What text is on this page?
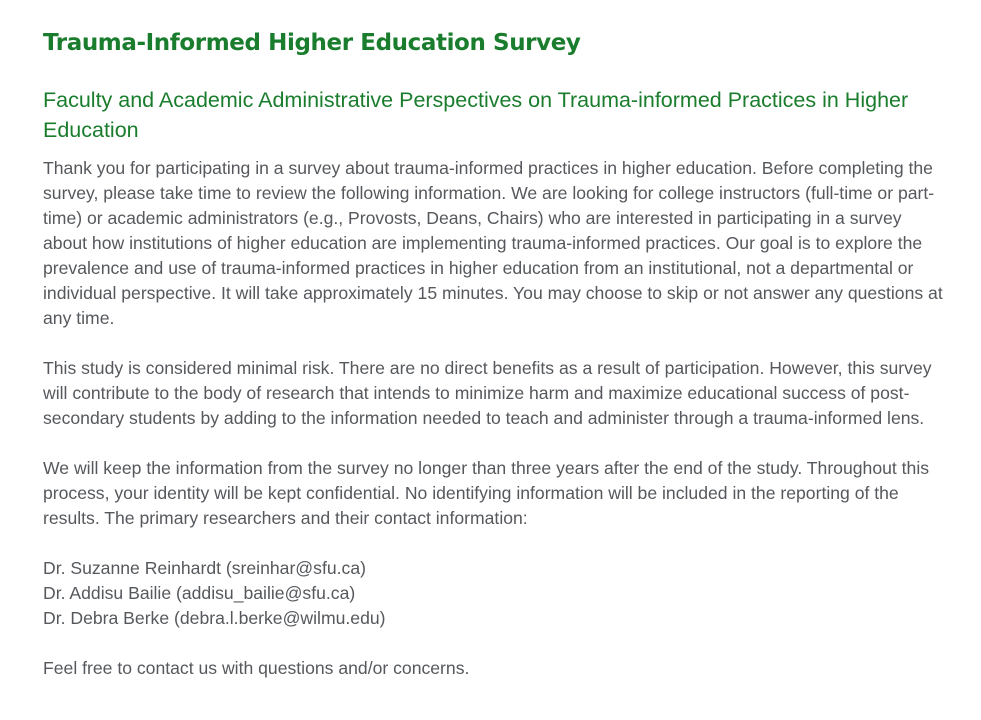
Trauma-Informed Higher Education Survey
Faculty and Academic Administrative Perspectives on Trauma-informed Practices in Higher Education

Thank you for participating in a survey about trauma-informed practices in higher education. Before completing the survey, please take time to review the following information. We are looking for college instructors (full-time or part-time) or academic administrators (e.g., Provosts, Deans, Chairs) who are interested in participating in a survey about how institutions of higher education are implementing trauma-informed practices. Our goal is to explore the prevalence and use of trauma-informed practices in higher education from an institutional, not a departmental or individual perspective. It will take approximately 15 minutes. You may choose to skip or not answer any questions at any time.

This study is considered minimal risk. There are no direct benefits as a result of participation. However, this survey will contribute to the body of research that intends to minimize harm and maximize educational success of post-secondary students by adding to the information needed to teach and administer through a trauma-informed lens.

We will keep the information from the survey no longer than three years after the end of the study. Throughout this process, your identity will be kept confidential. No identifying information will be included in the reporting of the results. The primary researchers and their contact information:

Dr. Suzanne Reinhardt (sreinhar@sfu.ca)

Dr. Addisu Bailie (addisu_bailie@sfu.ca)

Dr. Debra Berke (debra.l.berke@wilmu.edu)

Feel free to contact us with questions and/or concerns.
